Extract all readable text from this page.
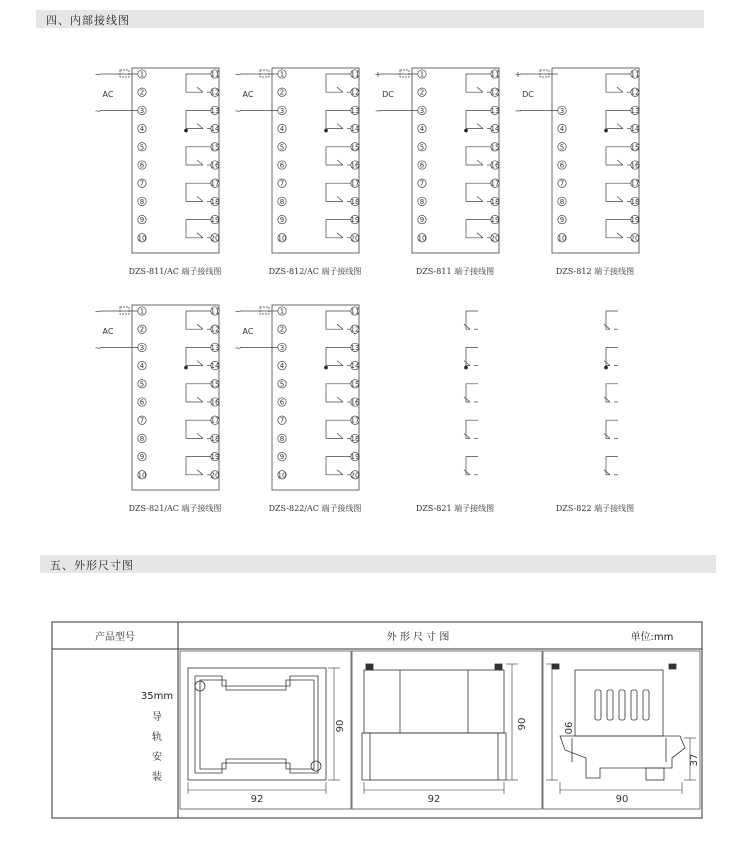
四、内部接线图
五、外形尺寸图
1
2
3
4
5
6
7
8
9
10
11
12
13
14
15
16
17
18
19
20
~
~
AC
DZS-811/AC 端子接线图
1
2
3
4
5
6
7
8
9
10
11
12
13
14
15
16
17
18
19
20
~
~
AC
DZS-812/AC 端子接线图
1
2
3
4
5
6
7
8
9
10
11
12
13
14
15
16
17
18
19
20
+
−
DC
DZS-811 端子接线图
3
4
5
6
7
8
9
10
11
12
13
14
15
16
17
18
19
20
+
−
DC
DZS-812 端子接线图
1
2
3
4
5
6
7
8
9
10
11
12
13
14
15
16
17
18
19
20
~
~
AC
DZS-821/AC 端子接线图
1
2
3
4
5
6
7
8
9
10
11
12
13
14
15
16
17
18
19
20
~
~
AC
DZS-822/AC 端子接线图	DZS-821 端子接线图	DZS-822 端子接线图
产品型号	外 形 尺 寸 图	单位:mm
35mm
导
轨
安
装
92
90
92
90
90
90
37
